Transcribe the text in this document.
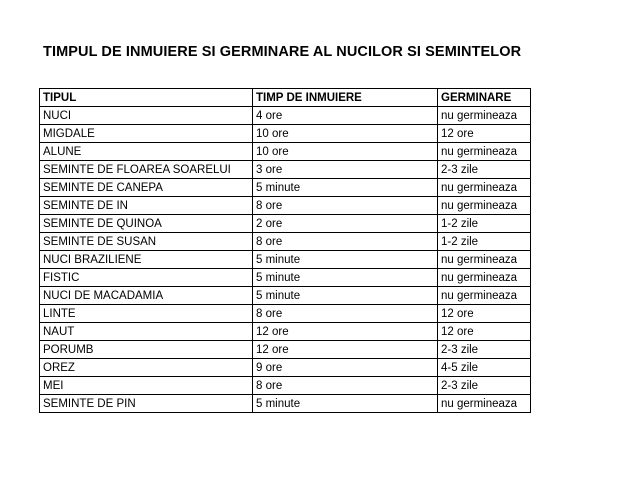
TIMPUL DE INMUIERE SI GERMINARE AL NUCILOR SI SEMINTELOR
TIPUL	TIMP DE INMUIERE	GERMINARE
NUCI	4 ore	nu germineaza
MIGDALE	10 ore	12 ore
ALUNE	10 ore	nu germineaza
SEMINTE DE FLOAREA SOARELUI	3 ore	2-3 zile
SEMINTE DE CANEPA	5 minute	nu germineaza
SEMINTE DE IN	8 ore	nu germineaza
SEMINTE DE QUINOA	2 ore	1-2 zile
SEMINTE DE SUSAN	8 ore	1-2 zile
NUCI BRAZILIENE	5 minute	nu germineaza
FISTIC	5 minute	nu germineaza
NUCI DE MACADAMIA	5 minute	nu germineaza
LINTE	8 ore	12 ore
NAUT	12 ore	12 ore
PORUMB	12 ore	2-3 zile
OREZ	9 ore	4-5 zile
MEI	8 ore	2-3 zile
SEMINTE DE PIN	5 minute	nu germineaza
